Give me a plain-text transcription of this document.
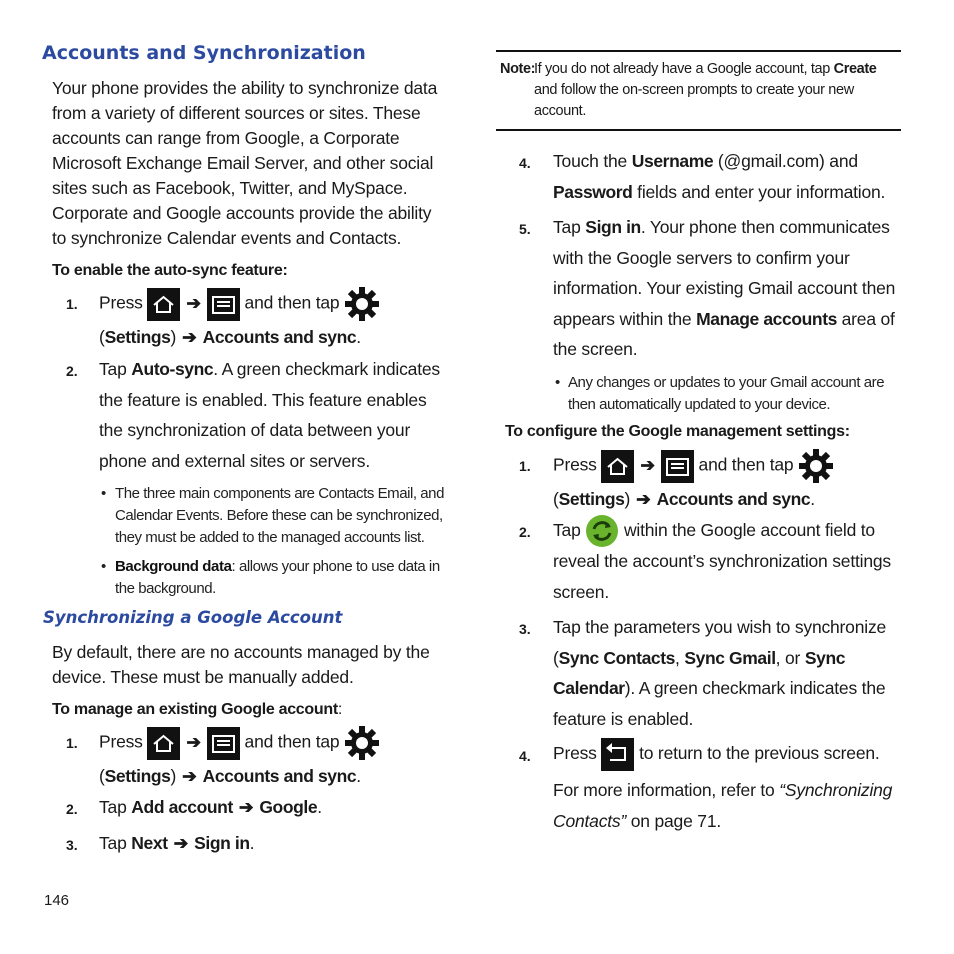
Accounts and Synchronization
Your phone provides the ability to synchronize data from a variety of different sources or sites. These accounts can range from Google, a Corporate Microsoft Exchange Email Server, and other social sites such as Facebook, Twitter, and MySpace. Corporate and Google accounts provide the ability to synchronize Calendar events and Contacts.
To enable the auto-sync feature:
1. Press ➔ and then tap
(Settings) ➔ Accounts and sync.
2. Tap Auto-sync. A green checkmark indicates the feature is enabled. This feature enables the synchronization of data between your phone and external sites or servers.
• The three main components are Contacts Email, and Calendar Events. Before these can be synchronized, they must be added to the managed accounts list.
• Background data: allows your phone to use data in the background.
Synchronizing a Google Account
By default, there are no accounts managed by the device. These must be manually added.
To manage an existing Google account:
1. Press ➔ and then tap
(Settings) ➔ Accounts and sync.
2. Tap Add account ➔ Google.
3. Tap Next ➔ Sign in.
146
Note:
If you do not already have a Google account, tap Create and follow the on-screen prompts to create your new account.
4. Touch the Username (@gmail.com) and Password fields and enter your information.
5. Tap Sign in. Your phone then communicates with the Google servers to confirm your information. Your existing Gmail account then appears within the Manage accounts area of the screen.
• Any changes or updates to your Gmail account are then automatically updated to your device.
To configure the Google management settings:
1. Press ➔ and then tap
(Settings) ➔ Accounts and sync.
2. Tap within the Google account field to reveal the account’s synchronization settings screen.
3. Tap the parameters you wish to synchronize (Sync Contacts, Sync Gmail, or Sync Calendar). A green checkmark indicates the feature is enabled.
4. Press to return to the previous screen.
For more information, refer to “Synchronizing Contacts” on page 71.
